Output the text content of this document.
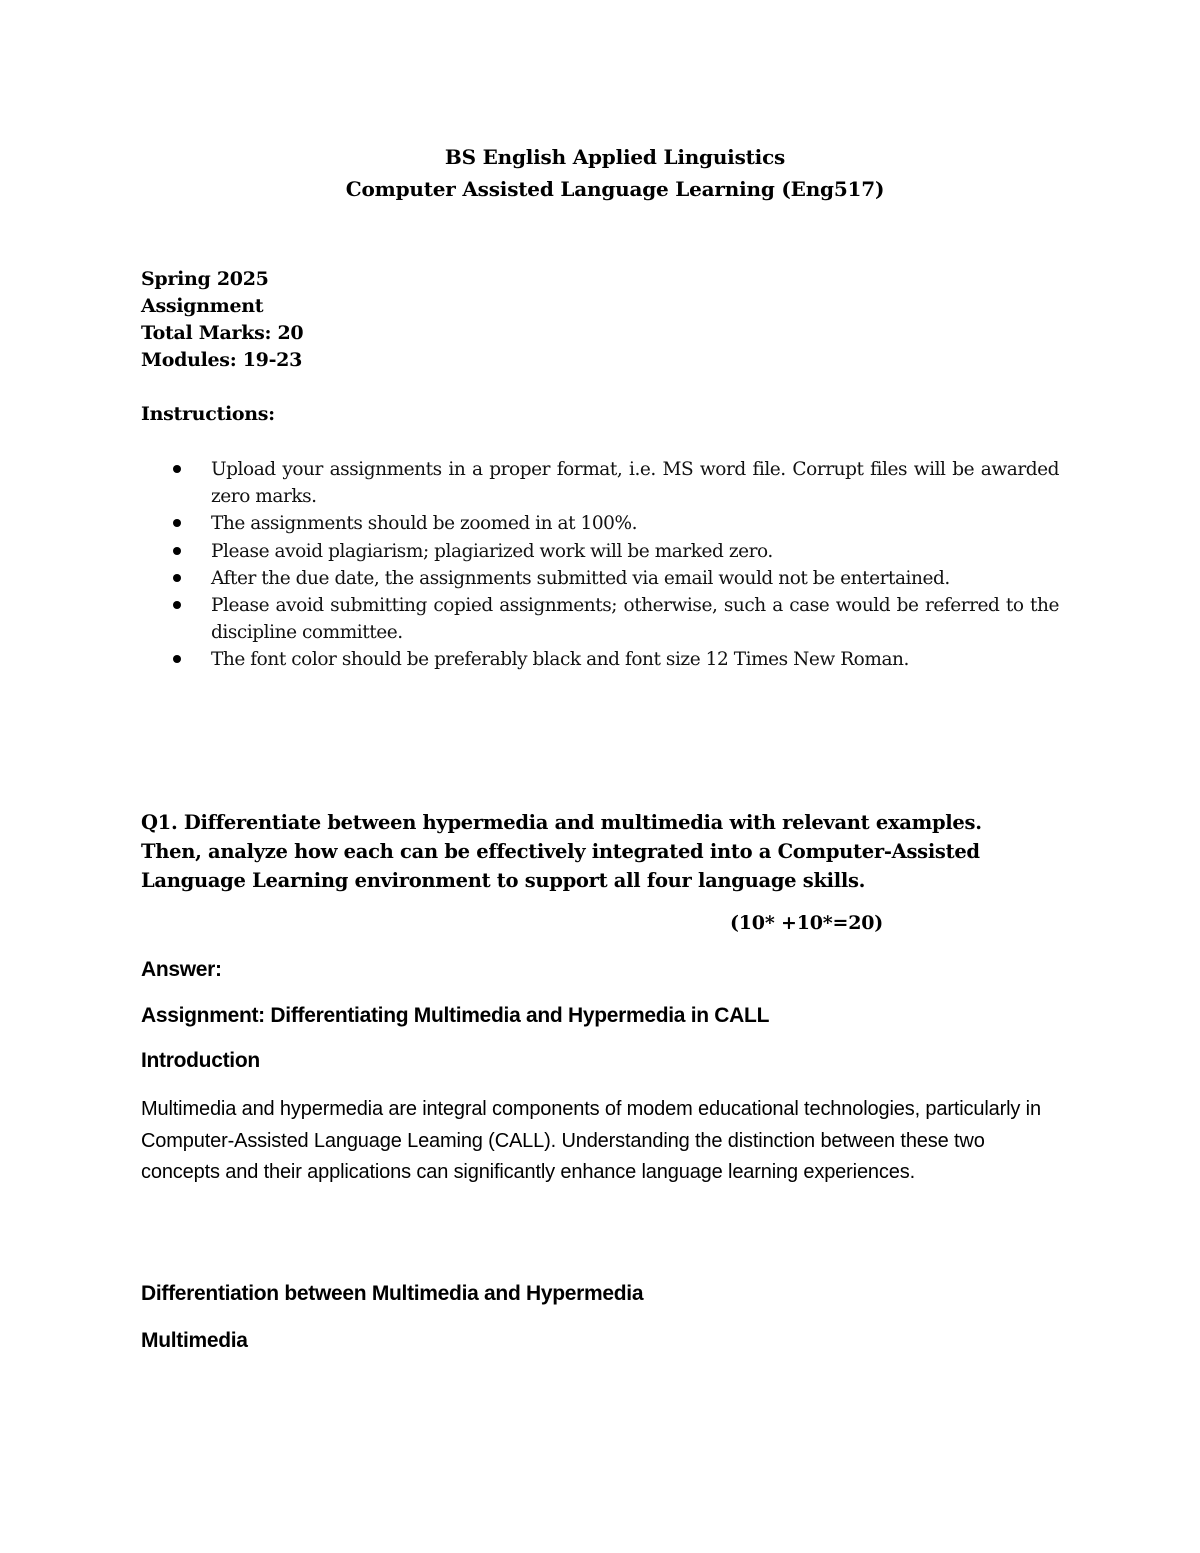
BS English Applied Linguistics
Computer Assisted Language Learning (Eng517)
Spring 2025
Assignment
Total Marks: 20
Modules: 19-23
Instructions:
Upload your assignments in a proper format, i.e. MS word file. Corrupt files will be awarded zero marks.
The assignments should be zoomed in at 100%.
Please avoid plagiarism; plagiarized work will be marked zero.
After the due date, the assignments submitted via email would not be entertained.
Please avoid submitting copied assignments; otherwise, such a case would be referred to the discipline committee.
The font color should be preferably black and font size 12 Times New Roman.
Q1. Differentiate between hypermedia and multimedia with relevant examples. Then, analyze how each can be effectively integrated into a Computer-Assisted Language Learning environment to support all four language skills.
(10* +10*=20)
Answer:
Assignment: Differentiating Multimedia and Hypermedia in CALL
Introduction
Multimedia and hypermedia are integral components of modem educational technologies, particularly in Computer-Assisted Language Leaming (CALL). Understanding the distinction between these two concepts and their applications can significantly enhance language learning experiences.
Differentiation between Multimedia and Hypermedia
Multimedia
